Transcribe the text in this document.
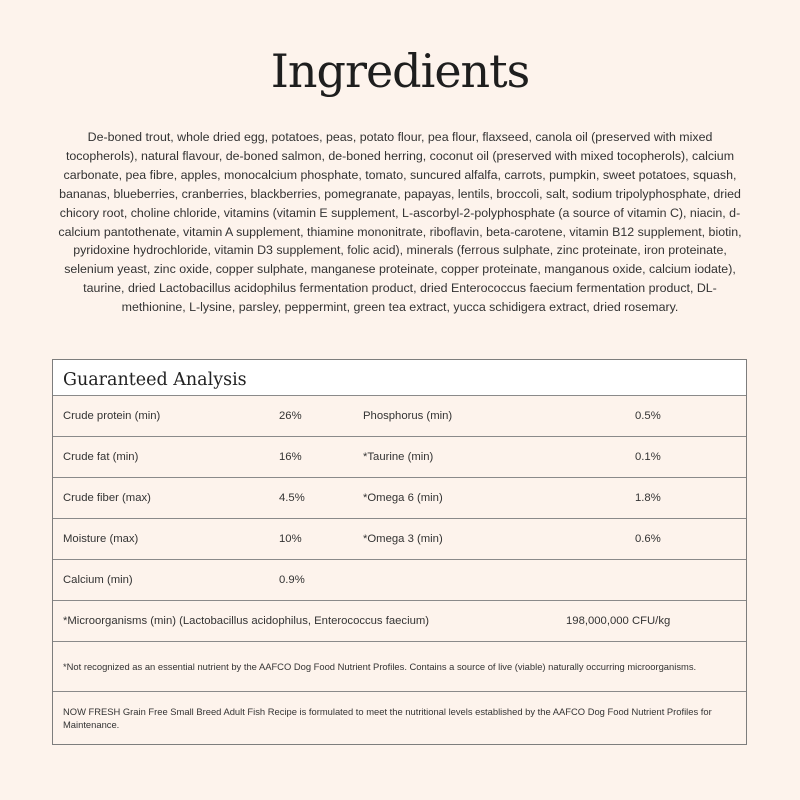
Ingredients

De-boned trout, whole dried egg, potatoes, peas, potato flour, pea flour, flaxseed, canola oil (preserved with mixed tocopherols), natural flavour, de-boned salmon, de-boned herring, coconut oil (preserved with mixed tocopherols), calcium carbonate, pea fibre, apples, monocalcium phosphate, tomato, suncured alfalfa, carrots, pumpkin, sweet potatoes, squash, bananas, blueberries, cranberries, blackberries, pomegranate, papayas, lentils, broccoli, salt, sodium tripolyphosphate, dried chicory root, choline chloride, vitamins (vitamin E supplement, L-ascorbyl-2-polyphosphate (a source of vitamin C), niacin, d-calcium pantothenate, vitamin A supplement, thiamine mononitrate, riboflavin, beta-carotene, vitamin B12 supplement, biotin, pyridoxine hydrochloride, vitamin D3 supplement, folic acid), minerals (ferrous sulphate, zinc proteinate, iron proteinate, selenium yeast, zinc oxide, copper sulphate, manganese proteinate, copper proteinate, manganous oxide, calcium iodate), taurine, dried Lactobacillus acidophilus fermentation product, dried Enterococcus faecium fermentation product, DL-methionine, L-lysine, parsley, peppermint, green tea extract, yucca schidigera extract, dried rosemary.

Guaranteed Analysis
Crude protein (min)	26%	Phosphorus (min)	0.5%
Crude fat (min)	16%	*Taurine (min)	0.1%
Crude fiber (max)	4.5%	*Omega 6 (min)	1.8%
Moisture (max)	10%	*Omega 3 (min)	0.6%
Calcium (min)	0.9%
*Microorganisms (min) (Lactobacillus acidophilus, Enterococcus faecium)	198,000,000 CFU/kg
*Not recognized as an essential nutrient by the AAFCO Dog Food Nutrient Profiles. Contains a source of live (viable) naturally occurring microorganisms.
NOW FRESH Grain Free Small Breed Adult Fish Recipe is formulated to meet the nutritional levels established by the AAFCO Dog Food Nutrient Profiles for Maintenance.
